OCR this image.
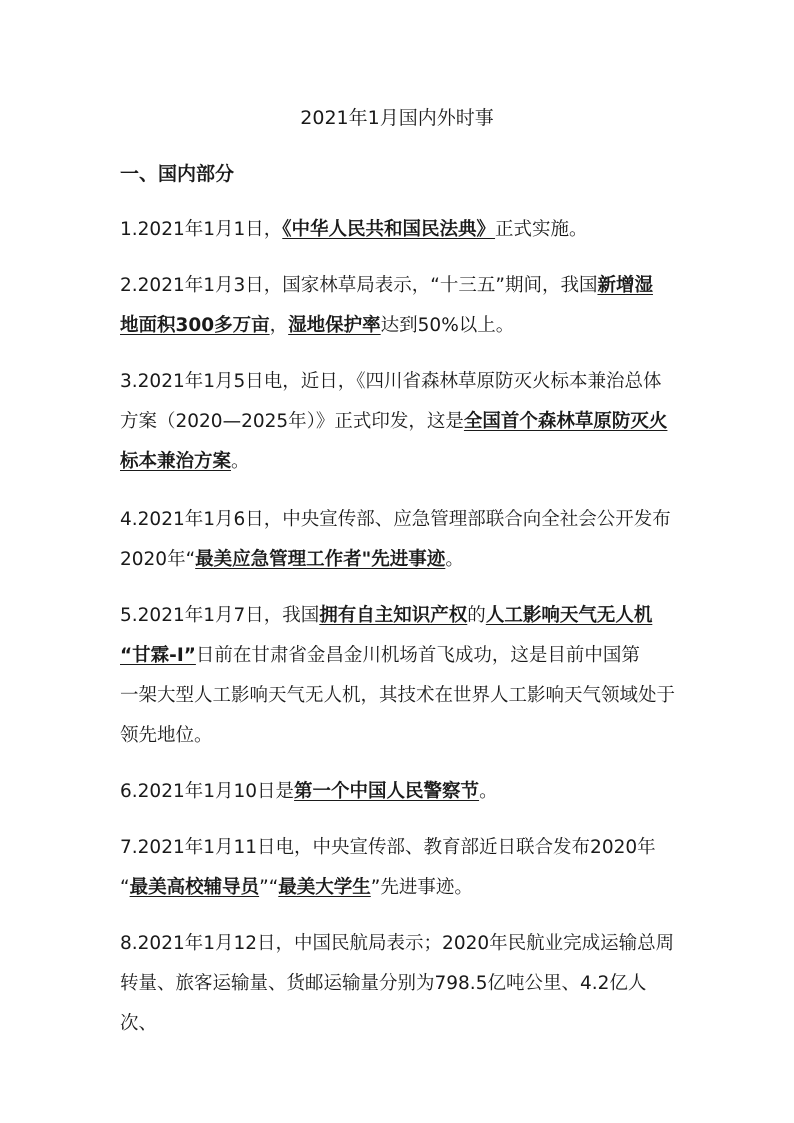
2021年1月国内外时事
一、国内部分
1.2021年1月1日，《中华人民共和国民法典》正式实施。
2.2021年1月3日，国家林草局表示，“十三五”期间，我国新增湿
地面积300多万亩，湿地保护率达到50%以上。
3.2021年1月5日电，近日，《四川省森林草原防灭火标本兼治总体
方案（2020—2025年）》正式印发，这是全国首个森林草原防灭火
标本兼治方案。
4.2021年1月6日，中央宣传部、应急管理部联合向全社会公开发布
2020年“最美应急管理工作者"先进事迹。
5.2021年1月7日，我国拥有自主知识产权的人工影响天气无人机
“甘霖-Ⅰ”日前在甘肃省金昌金川机场首飞成功，这是目前中国第
一架大型人工影响天气无人机，其技术在世界人工影响天气领域处于
领先地位。
6.2021年1月10日是第一个中国人民警察节。
7.2021年1月11日电，中央宣传部、教育部近日联合发布2020年
“最美高校辅导员”“最美大学生”先进事迹。
8.2021年1月12日，中国民航局表示；2020年民航业完成运输总周
转量、旅客运输量、货邮运输量分别为798.5亿吨公里、4.2亿人次、
